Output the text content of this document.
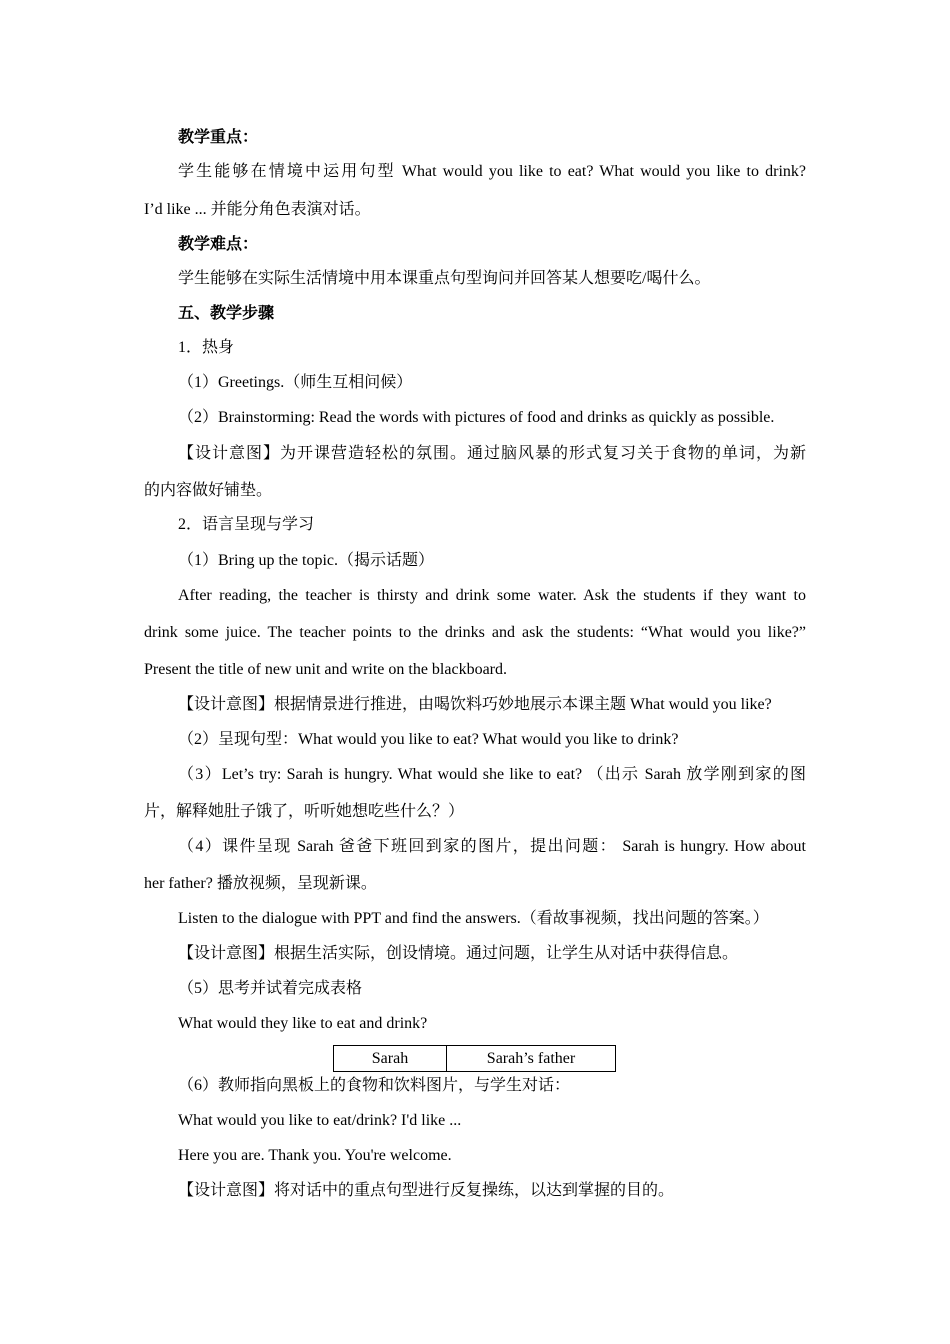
教学重点：
学生能够在情境中运用句型 What would you like to eat? What would you like to drink?
I’d like ... 并能分角色表演对话。
教学难点：
学生能够在实际生活情境中用本课重点句型询问并回答某人想要吃/喝什么。
五、教学步骤
1．热身
（1）Greetings.（师生互相问候）
（2）Brainstorming: Read the words with pictures of food and drinks as quickly as possible.
【设计意图】为开课营造轻松的氛围。通过脑风暴的形式复习关于食物的单词，为新
的内容做好铺垫。
2．语言呈现与学习
（1）Bring up the topic.（揭示话题）
After reading, the teacher is thirsty and drink some water. Ask the students if they want to
drink some juice. The teacher points to the drinks and ask the students: “What would you like?”
Present the title of new unit and write on the blackboard.
【设计意图】根据情景进行推进，由喝饮料巧妙地展示本课主题 What would you like?
（2）呈现句型：What would you like to eat? What would you like to drink?
（3）Let’s try: Sarah is hungry. What would she like to eat? （出示 Sarah 放学刚到家的图
片，解释她肚子饿了，听听她想吃些什么？）
（4）课件呈现 Sarah 爸爸下班回到家的图片，提出问题： Sarah is hungry. How about
her father? 播放视频，呈现新课。
Listen to the dialogue with PPT and find the answers.（看故事视频，找出问题的答案。）
【设计意图】根据生活实际，创设情境。通过问题，让学生从对话中获得信息。
（5）思考并试着完成表格
What would they like to eat and drink?
Sarah	Sarah’s father
（6）教师指向黑板上的食物和饮料图片，与学生对话：
What would you like to eat/drink? I'd like ...
Here you are. Thank you. You're welcome.
【设计意图】将对话中的重点句型进行反复操练，以达到掌握的目的。
